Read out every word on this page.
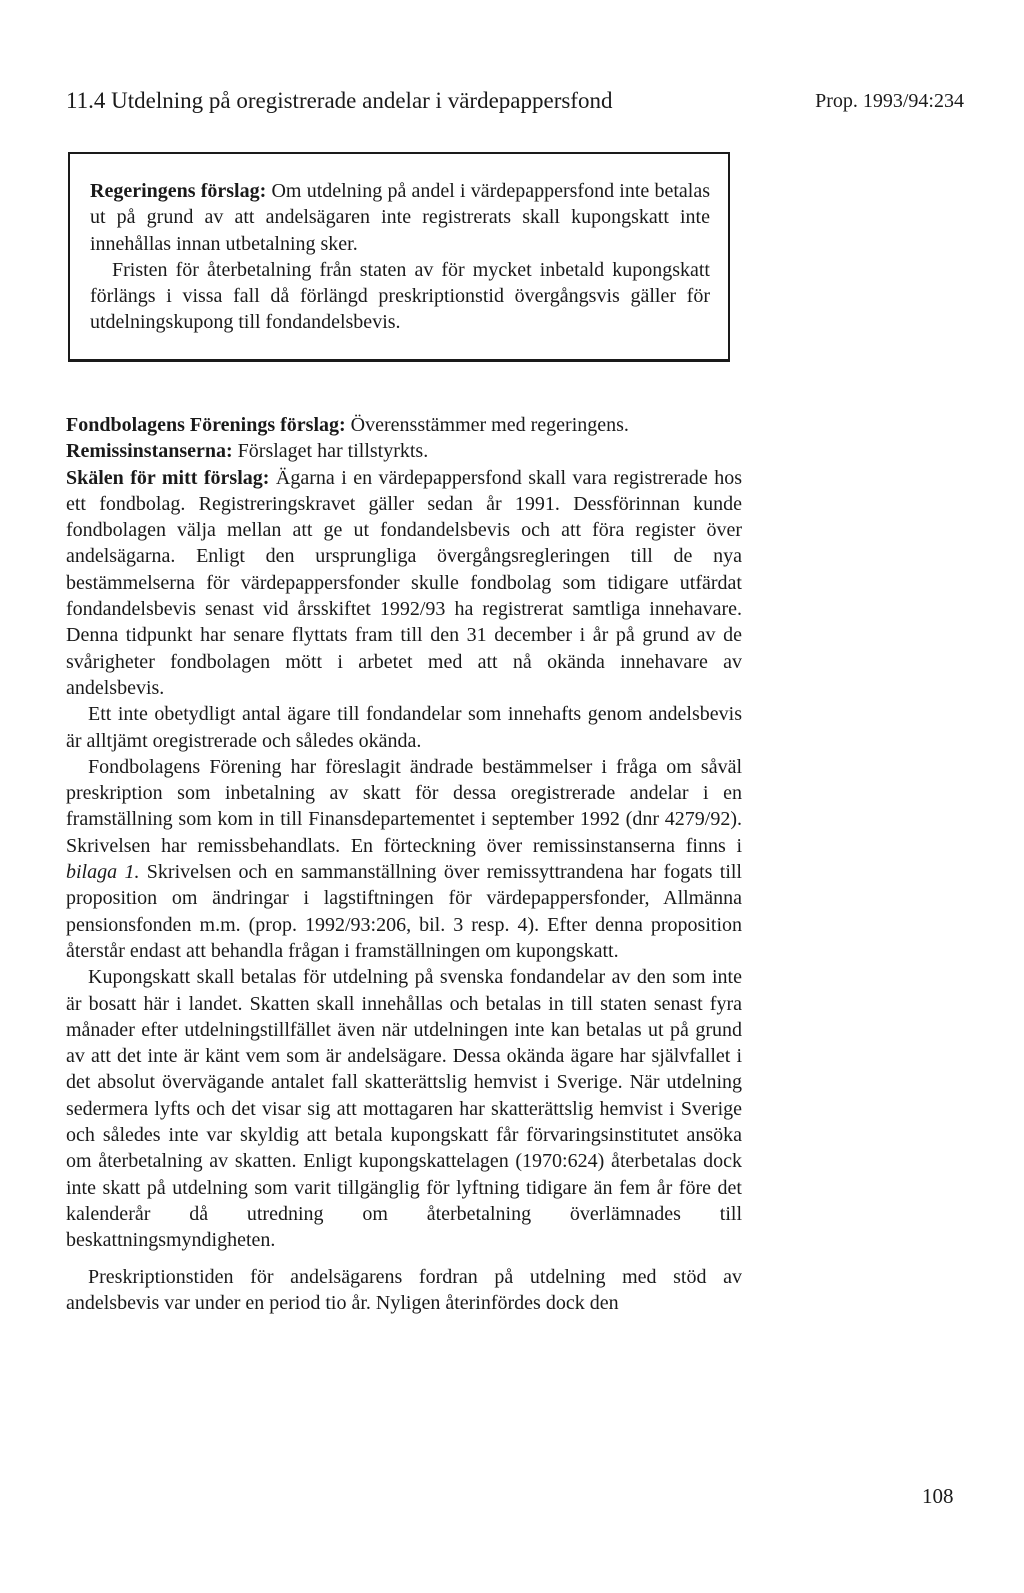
11.4 Utdelning på oregistrerade andelar i värdepappersfond	Prop. 1993/94:234

Regeringens förslag: Om utdelning på andel i värdepappersfond inte betalas ut på grund av att andelsägaren inte registrerats skall kupongskatt inte innehållas innan utbetalning sker.

Fristen för återbetalning från staten av för mycket inbetald kupongskatt förlängs i vissa fall då förlängd preskriptionstid övergångsvis gäller för utdelningskupong till fondandelsbevis.

Fondbolagens Förenings förslag: Överensstämmer med regeringens.

Remissinstanserna: Förslaget har tillstyrkts.

Skälen för mitt förslag: Ägarna i en värdepappersfond skall vara registrerade hos ett fondbolag. Registreringskravet gäller sedan år 1991. Dessförinnan kunde fondbolagen välja mellan att ge ut fondandelsbevis och att föra register över andelsägarna. Enligt den ursprungliga övergångsregleringen till de nya bestämmelserna för värdepappersfonder skulle fondbolag som tidigare utfärdat fondandelsbevis senast vid årsskiftet 1992/93 ha registrerat samtliga innehavare. Denna tidpunkt har senare flyttats fram till den 31 december i år på grund av de svårigheter fondbolagen mött i arbetet med att nå okända innehavare av andelsbevis.

Ett inte obetydligt antal ägare till fondandelar som innehafts genom andelsbevis är alltjämt oregistrerade och således okända.

Fondbolagens Förening har föreslagit ändrade bestämmelser i fråga om såväl preskription som inbetalning av skatt för dessa oregistrerade andelar i en framställning som kom in till Finansdepartementet i september 1992 (dnr 4279/92). Skrivelsen har remissbehandlats. En förteckning över remissinstanserna finns i bilaga 1. Skrivelsen och en sammanställning över remissyttrandena har fogats till proposition om ändringar i lagstiftningen för värdepappersfonder, Allmänna pensionsfonden m.m. (prop. 1992/93:206, bil. 3 resp. 4). Efter denna proposition återstår endast att behandla frågan i framställningen om kupongskatt.

Kupongskatt skall betalas för utdelning på svenska fondandelar av den som inte är bosatt här i landet. Skatten skall innehållas och betalas in till staten senast fyra månader efter utdelningstillfället även när utdelningen inte kan betalas ut på grund av att det inte är känt vem som är andelsägare. Dessa okända ägare har självfallet i det absolut övervägande antalet fall skatterättslig hemvist i Sverige. När utdelning sedermera lyfts och det visar sig att mottagaren har skatterättslig hemvist i Sverige och således inte var skyldig att betala kupongskatt får förvaringsinstitutet ansöka om återbetalning av skatten. Enligt kupongskattelagen (1970:624) återbetalas dock inte skatt på utdelning som varit tillgänglig för lyftning tidigare än fem år före det kalenderår då utredning om återbetalning överlämnades till beskattningsmyndigheten.

Preskriptionstiden för andelsägarens fordran på utdelning med stöd av andelsbevis var under en period tio år. Nyligen återinfördes dock den

108
